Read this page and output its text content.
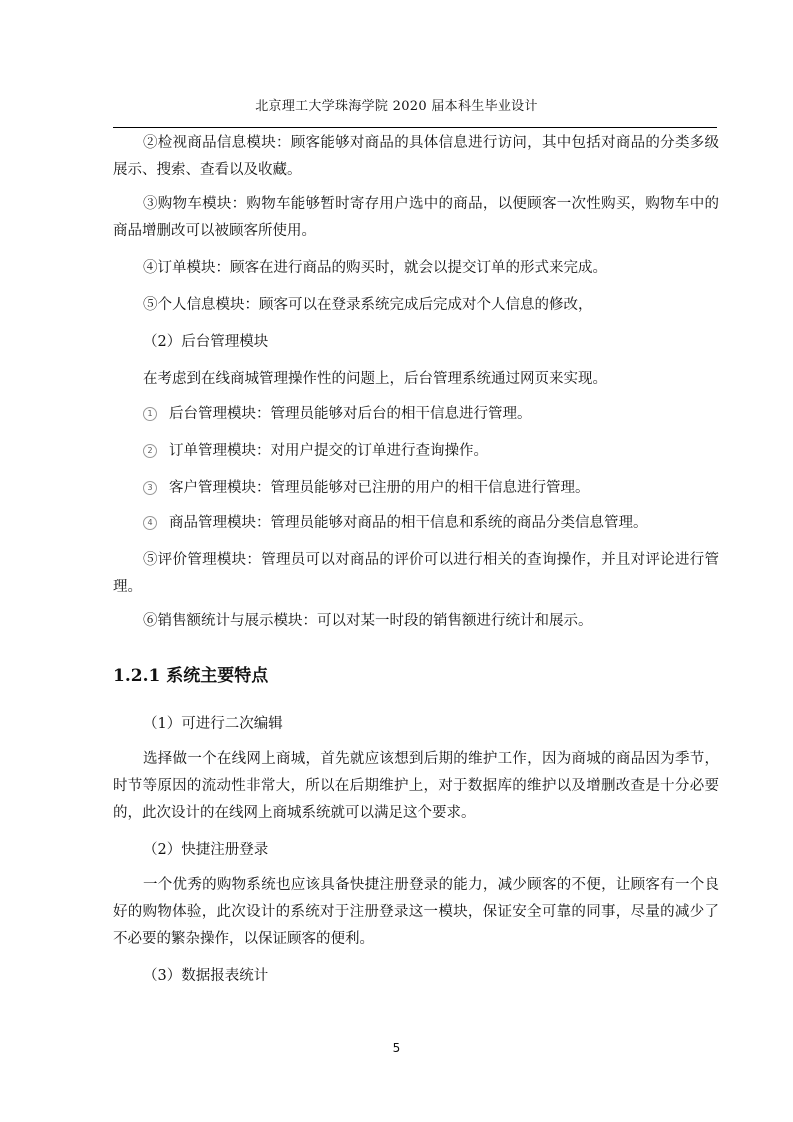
北京理工大学珠海学院 2020 届本科生毕业设计

②检视商品信息模块：顾客能够对商品的具体信息进行访问，其中包括对商品的分类多级展示、搜索、查看以及收藏。

③购物车模块：购物车能够暂时寄存用户选中的商品，以便顾客一次性购买，购物车中的商品增删改可以被顾客所使用。

④订单模块：顾客在进行商品的购买时，就会以提交订单的形式来完成。

⑤个人信息模块：顾客可以在登录系统完成后完成对个人信息的修改，

（2）后台管理模块

在考虑到在线商城管理操作性的问题上，后台管理系统通过网页来实现。

1 后台管理模块：管理员能够对后台的相干信息进行管理。

2 订单管理模块：对用户提交的订单进行查询操作。

3 客户管理模块：管理员能够对已注册的用户的相干信息进行管理。

4 商品管理模块：管理员能够对商品的相干信息和系统的商品分类信息管理。

⑤评价管理模块：管理员可以对商品的评价可以进行相关的查询操作，并且对评论进行管理。

⑥销售额统计与展示模块：可以对某一时段的销售额进行统计和展示。

1.2.1 系统主要特点

（1）可进行二次编辑

选择做一个在线网上商城，首先就应该想到后期的维护工作，因为商城的商品因为季节，时节等原因的流动性非常大，所以在后期维护上，对于数据库的维护以及增删改查是十分必要的，此次设计的在线网上商城系统就可以满足这个要求。

（2）快捷注册登录

一个优秀的购物系统也应该具备快捷注册登录的能力，减少顾客的不便，让顾客有一个良好的购物体验，此次设计的系统对于注册登录这一模块，保证安全可靠的同事，尽量的减少了不必要的繁杂操作，以保证顾客的便利。

（3）数据报表统计

5
